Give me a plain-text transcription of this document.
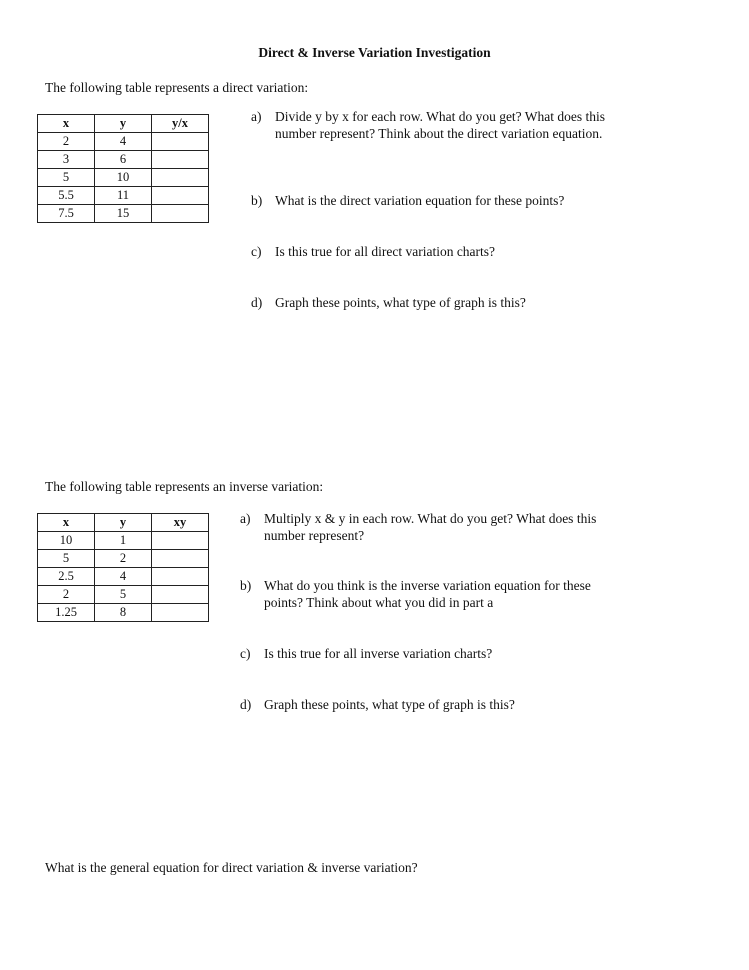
Direct & Inverse Variation Investigation
The following table represents a direct variation:
x	y	y/x
2	4	
3	6	
5	10	
5.5	11	
7.5	15	
a)	Divide y by x for each row. What do you get? What does this number represent? Think about the direct variation equation.
b) What is the direct variation equation for these points?
c)	Is this true for all direct variation charts?
d) Graph these points, what type of graph is this?
The following table represents an inverse variation:
x	y	xy
10	1	
5	2	
2.5	4	
2	5	
1.25	8	
a)	Multiply x & y in each row. What do you get? What does this number represent?
b) What do you think is the inverse variation equation for these points? Think about what you did in part a
c)	Is this true for all inverse variation charts?
d) Graph these points, what type of graph is this?
What is the general equation for direct variation & inverse variation?
